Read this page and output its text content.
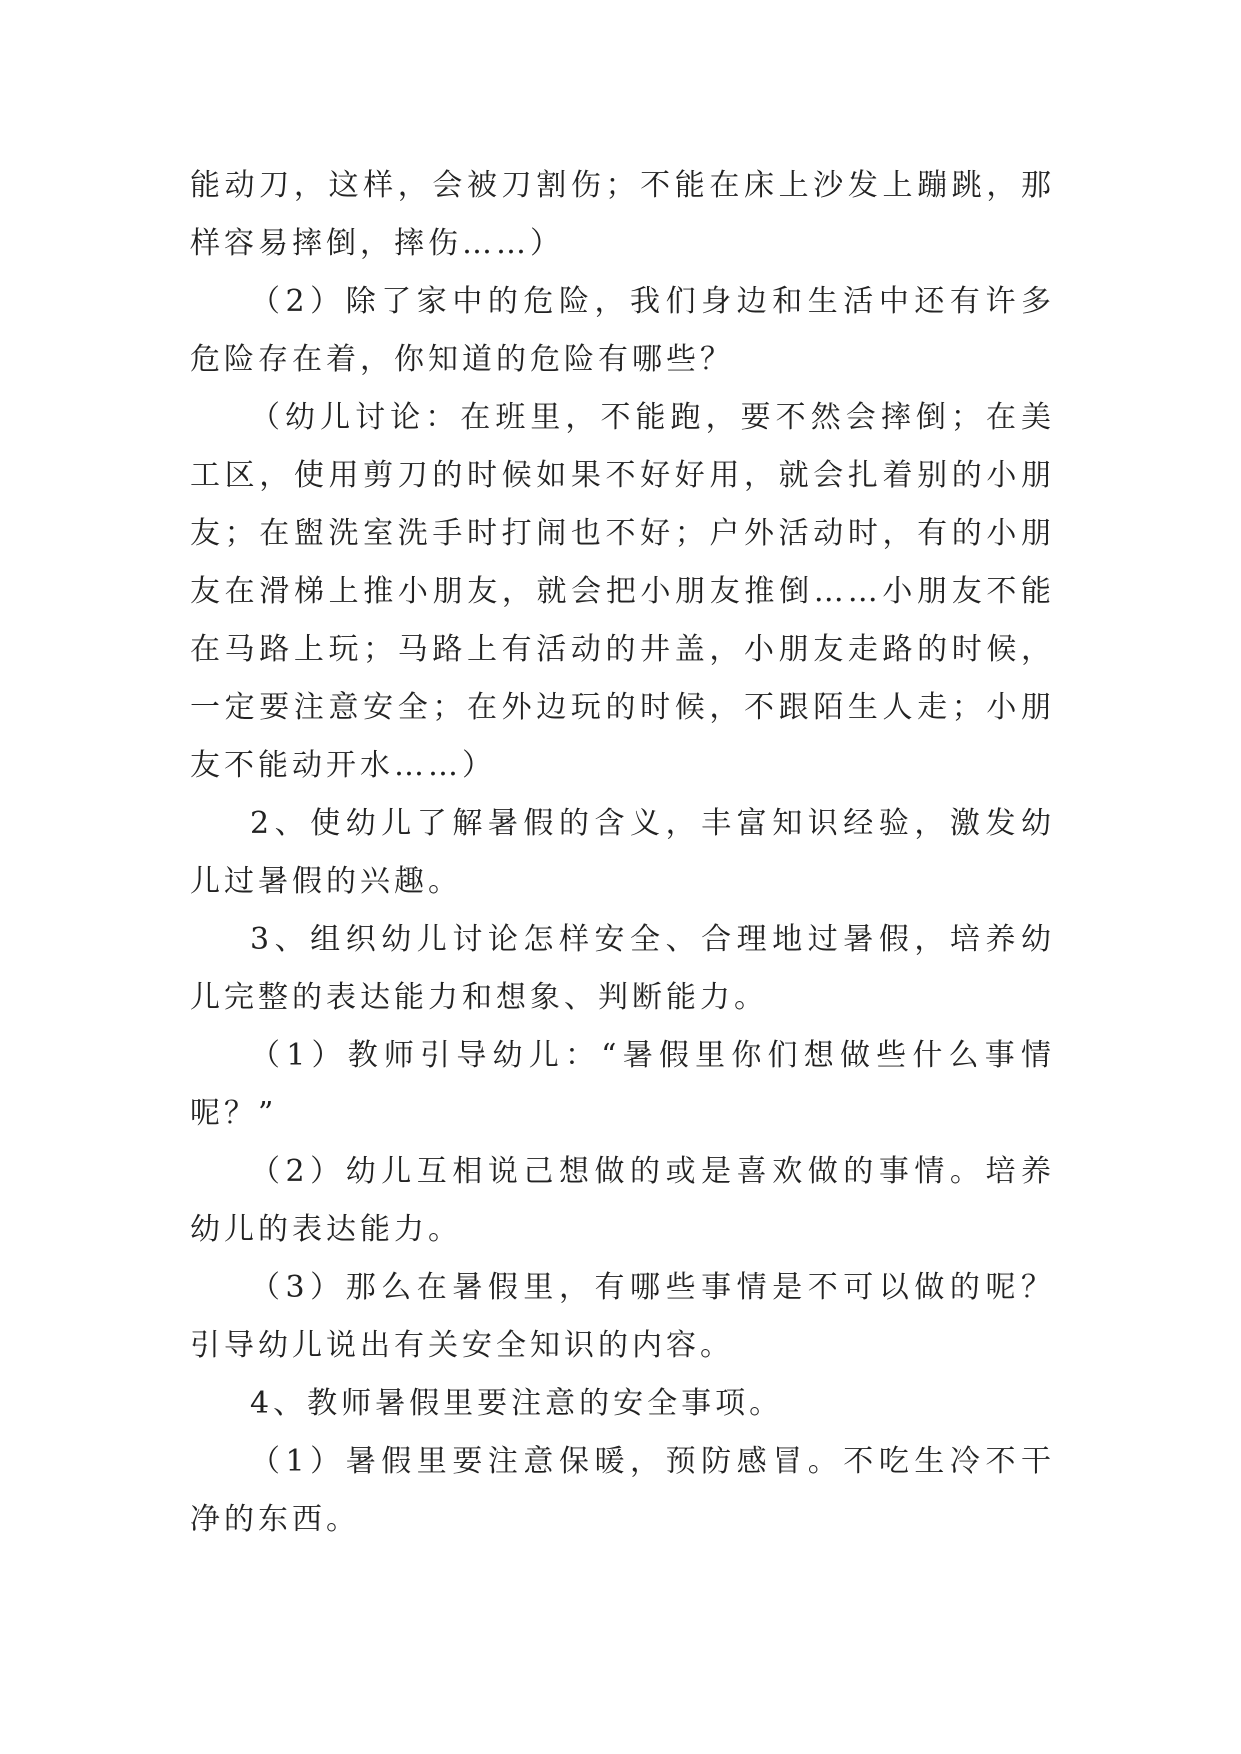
能动刀，这样，会被刀割伤；不能在床上沙发上蹦跳，那样容易摔倒，摔伤……）

（2）除了家中的危险，我们身边和生活中还有许多危险存在着，你知道的危险有哪些？

（幼儿讨论：在班里，不能跑，要不然会摔倒；在美工区，使用剪刀的时候如果不好好用，就会扎着别的小朋友；在盥洗室洗手时打闹也不好；户外活动时，有的小朋友在滑梯上推小朋友，就会把小朋友推倒……小朋友不能在马路上玩；马路上有活动的井盖，小朋友走路的时候，一定要注意安全；在外边玩的时候，不跟陌生人走；小朋友不能动开水……）

2、使幼儿了解暑假的含义，丰富知识经验，激发幼儿过暑假的兴趣。

3、组织幼儿讨论怎样安全、合理地过暑假，培养幼儿完整的表达能力和想象、判断能力。

（1）教师引导幼儿：“暑假里你们想做些什么事情呢？”

（2）幼儿互相说己想做的或是喜欢做的事情。培养幼儿的表达能力。

（3）那么在暑假里，有哪些事情是不可以做的呢？引导幼儿说出有关安全知识的内容。

4、教师暑假里要注意的安全事项。

（1）暑假里要注意保暖，预防感冒。不吃生冷不干净的东西。
